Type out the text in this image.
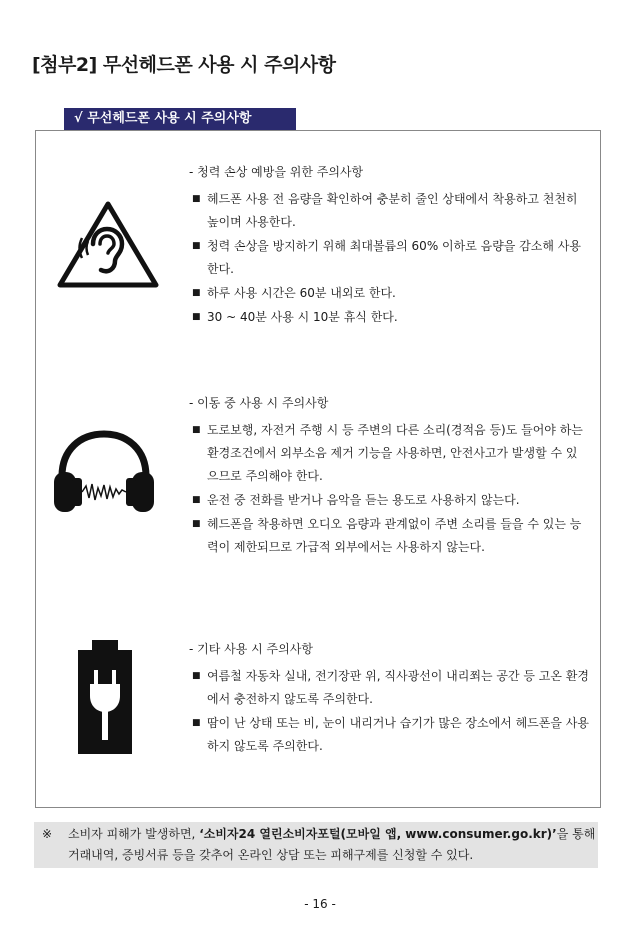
[첨부2] 무선헤드폰 사용 시 주의사항
√ 무선헤드폰 사용 시 주의사항

- 청력 손상 예방을 위한 주의사항

■ 헤드폰 사용 전 음량을 확인하여 충분히 줄인 상태에서 착용하고 천천히 높이며 사용한다.
■ 청력 손상을 방지하기 위해 최대볼륨의 60% 이하로 음량을 감소해 사용한다.
■ 하루 사용 시간은 60분 내외로 한다.
■ 30 ~ 40분 사용 시 10분 휴식 한다.

- 이동 중 사용 시 주의사항

■ 도로보행, 자전거 주행 시 등 주변의 다른 소리(경적음 등)도 들어야 하는 환경조건에서 외부소음 제거 기능을 사용하면, 안전사고가 발생할 수 있으므로 주의해야 한다.
■ 운전 중 전화를 받거나 음악을 듣는 용도로 사용하지 않는다.
■ 헤드폰을 착용하면 오디오 음량과 관계없이 주변 소리를 들을 수 있는 능력이 제한되므로 가급적 외부에서는 사용하지 않는다.

- 기타 사용 시 주의사항

■ 여름철 자동차 실내, 전기장판 위, 직사광선이 내리쬐는 공간 등 고온 환경에서 충전하지 않도록 주의한다.
■ 땀이 난 상태 또는 비, 눈이 내리거나 습기가 많은 장소에서 헤드폰을 사용하지 않도록 주의한다.
※ 소비자 피해가 발생하면, ‘소비자24 열린소비자포털(모바일 앱, www.consumer.go.kr)’을 통해 거래내역, 증빙서류 등을 갖추어 온라인 상담 또는 피해구제를 신청할 수 있다.
- 16 -
